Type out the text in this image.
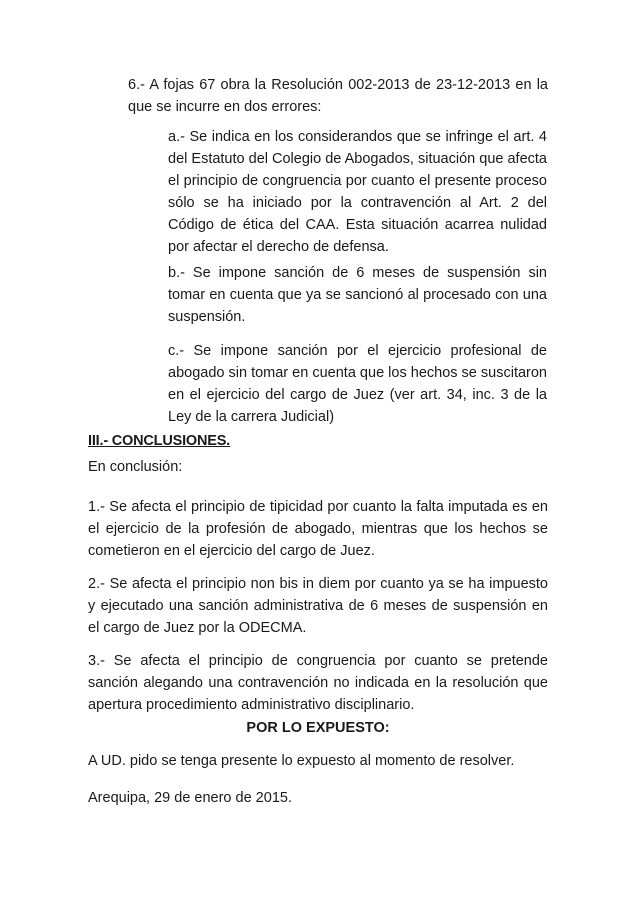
6.- A fojas 67 obra la Resolución 002-2013 de 23-12-2013 en la que se incurre en dos errores:

a.- Se indica en los considerandos que se infringe el art. 4 del Estatuto del Colegio de Abogados, situación que afecta el principio de congruencia por cuanto el presente proceso sólo se ha iniciado por la contravención al Art. 2 del Código de ética del CAA. Esta situación acarrea nulidad por afectar el derecho de defensa.

b.- Se impone sanción de 6 meses de suspensión sin tomar en cuenta que ya se sancionó al procesado con una suspensión.

c.- Se impone sanción por el ejercicio profesional de abogado sin tomar en cuenta que los hechos se suscitaron en el ejercicio del cargo de Juez (ver art. 34, inc. 3 de la Ley de la carrera Judicial)

III.- CONCLUSIONES.
En conclusión:

1.- Se afecta el principio de tipicidad por cuanto la falta imputada es en el ejercicio de la profesión de abogado, mientras que los hechos se cometieron en el ejercicio del cargo de Juez.

2.- Se afecta el principio non bis in diem por cuanto ya se ha impuesto y ejecutado una sanción administrativa de 6 meses de suspensión en el cargo de Juez por la ODECMA.

3.- Se afecta el principio de congruencia por cuanto se pretende sanción alegando una contravención no indicada en la resolución que apertura procedimiento administrativo disciplinario.

POR LO EXPUESTO:
A UD. pido se tenga presente lo expuesto al momento de resolver.
Arequipa, 29 de enero de 2015.
